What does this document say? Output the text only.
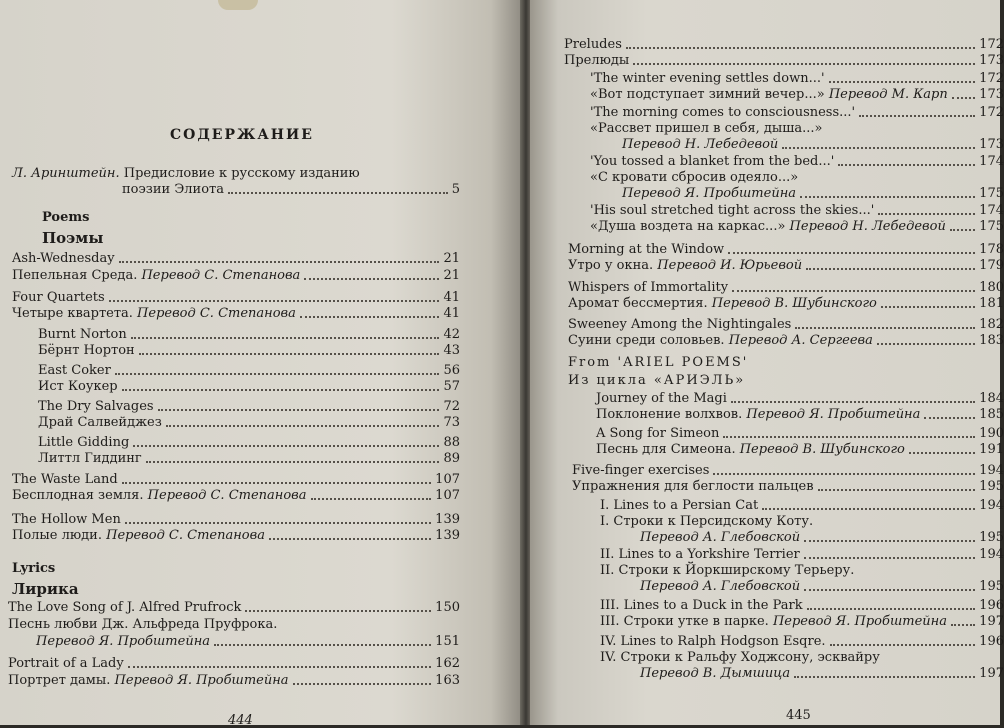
СОДЕРЖАНИЕ
Л. Аринштейн. Предисловие к русскому изданию
поэзии Элиота	5
Poems
Поэмы
Ash-Wednesday	21
Пепельная Среда. Перевод С. Степанова	21
Four Quartets	41
Четыре квартета. Перевод С. Степанова	41
Burnt Norton	42
Бёрнт Нортон	43
East Coker	56
Ист Коукер	57
The Dry Salvages	72
Драй Салвейджез	73
Little Gidding	88
Литтл Гиддинг	89
The Waste Land	107
Бесплодная земля. Перевод С. Степанова	107
The Hollow Men	139
Полые люди. Перевод С. Степанова	139
Lyrics
Лирика
The Love Song of J. Alfred Prufrock	150
Песнь любви Дж. Альфреда Пруфрока.
Перевод Я. Пробштейна	151
Portrait of a Lady	162
Портрет дамы. Перевод Я. Пробштейна	163
444
Preludes	172
Прелюды	173
'The winter evening settles down...'	172
«Вот подступает зимний вечер...» Перевод М. Карп 173
'The morning comes to consciousness...'	172
«Рассвет пришел в себя, дыша...»
Перевод Н. Лебедевой	173
'You tossed a blanket from the bed...'	174
«С кровати сбросив одеяло...»
Перевод Я. Пробштейна	175
'His soul stretched tight across the skies...'	174
«Душа воздета на каркас...» Перевод Н. Лебедевой	175
Morning at the Window	178
Утро у окна. Перевод И. Юрьевой	179
Whispers of Immortality	180
Аромат бессмертия. Перевод В. Шубинского	181
Sweeney Among the Nightingales	182
Суини среди соловьев. Перевод А. Сергеева	183
From 'ARIEL POEMS'
Из цикла «АРИЭЛЬ»
Journey of the Magi	184
Поклонение волхвов. Перевод Я. Пробштейна	185
A Song for Simeon	190
Песнь для Симеона. Перевод В. Шубинского	191
Five-finger exercises	194
Упражнения для беглости пальцев	195
I. Lines to a Persian Cat	194
I. Строки к Персидскому Коту.
Перевод А. Глебовской	195
II. Lines to a Yorkshire Terrier	194
II. Строки к Йоркширскому Терьеру.
Перевод А. Глебовской	195
III. Lines to a Duck in the Park	196
III. Строки утке в парке. Перевод Я. Пробштейна 197
IV. Lines to Ralph Hodgson Esqre.	196
IV. Строки к Ральфу Ходжсону, эсквайру
Перевод В. Дымшица	197
445
